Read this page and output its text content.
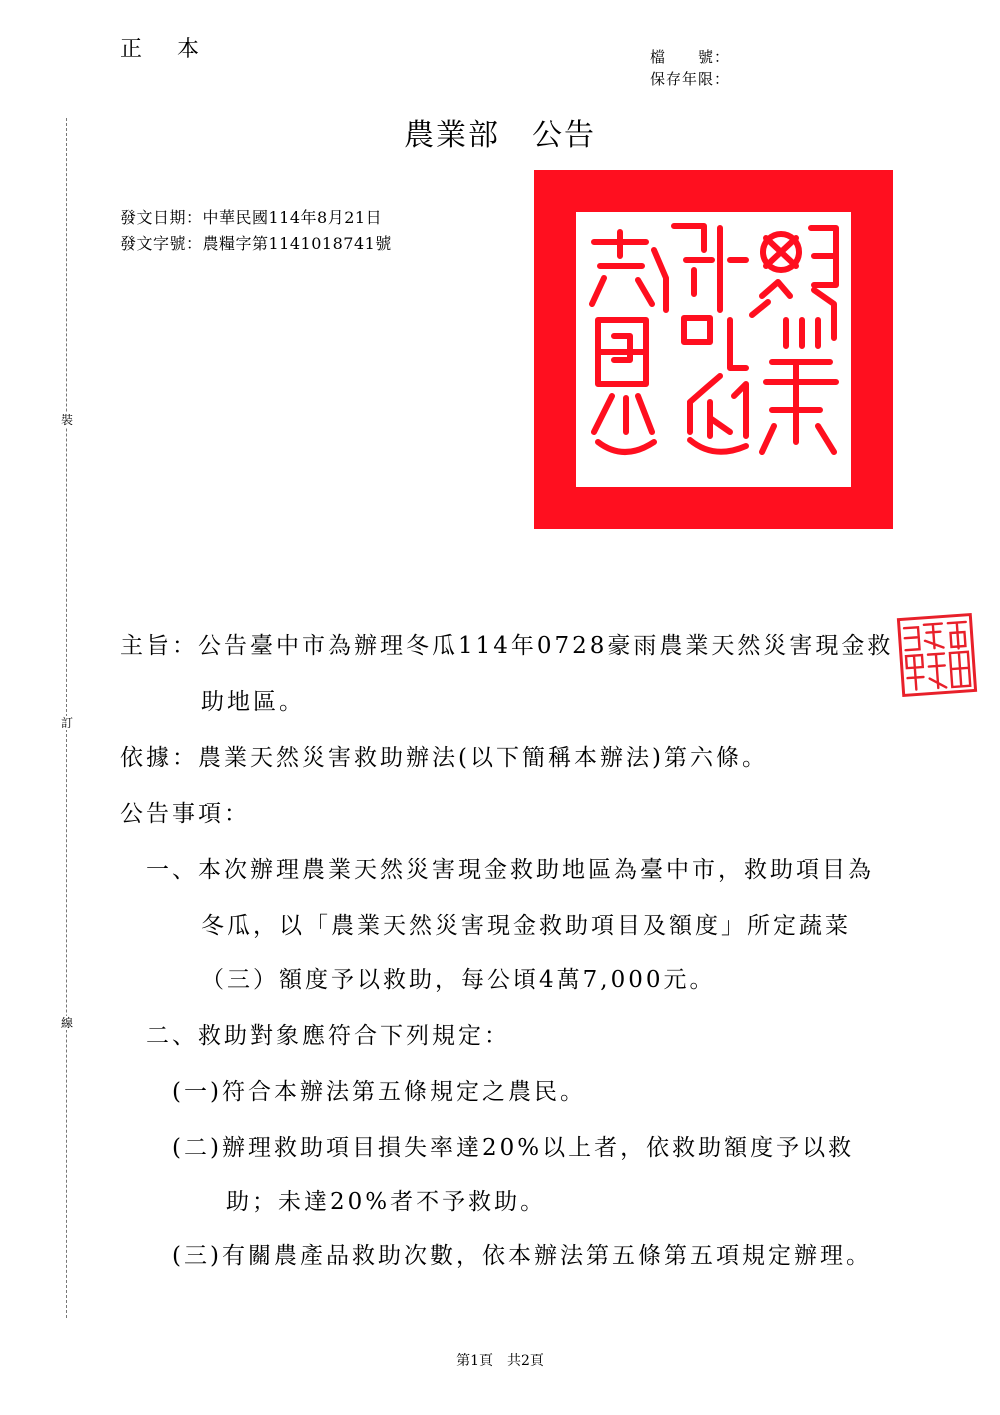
正 本	檔　　號：
保存年限：
農業部　公告
發文日期：中華民國114年8月21日
發文字號：農糧字第1141018741號
裝
訂
線
主旨：公告臺中市為辦理冬瓜114年0728豪雨農業天然災害現金救
助地區。
依據：農業天然災害救助辦法(以下簡稱本辦法)第六條。
公告事項：
一、本次辦理農業天然災害現金救助地區為臺中市，救助項目為
冬瓜，以「農業天然災害現金救助項目及額度」所定蔬菜
（三）額度予以救助，每公頃4萬7,000元。
二、救助對象應符合下列規定：
(一)符合本辦法第五條規定之農民。
(二)辦理救助項目損失率達20%以上者，依救助額度予以救
助；未達20%者不予救助。
(三)有關農產品救助次數，依本辦法第五條第五項規定辦理。
第1頁　共2頁
